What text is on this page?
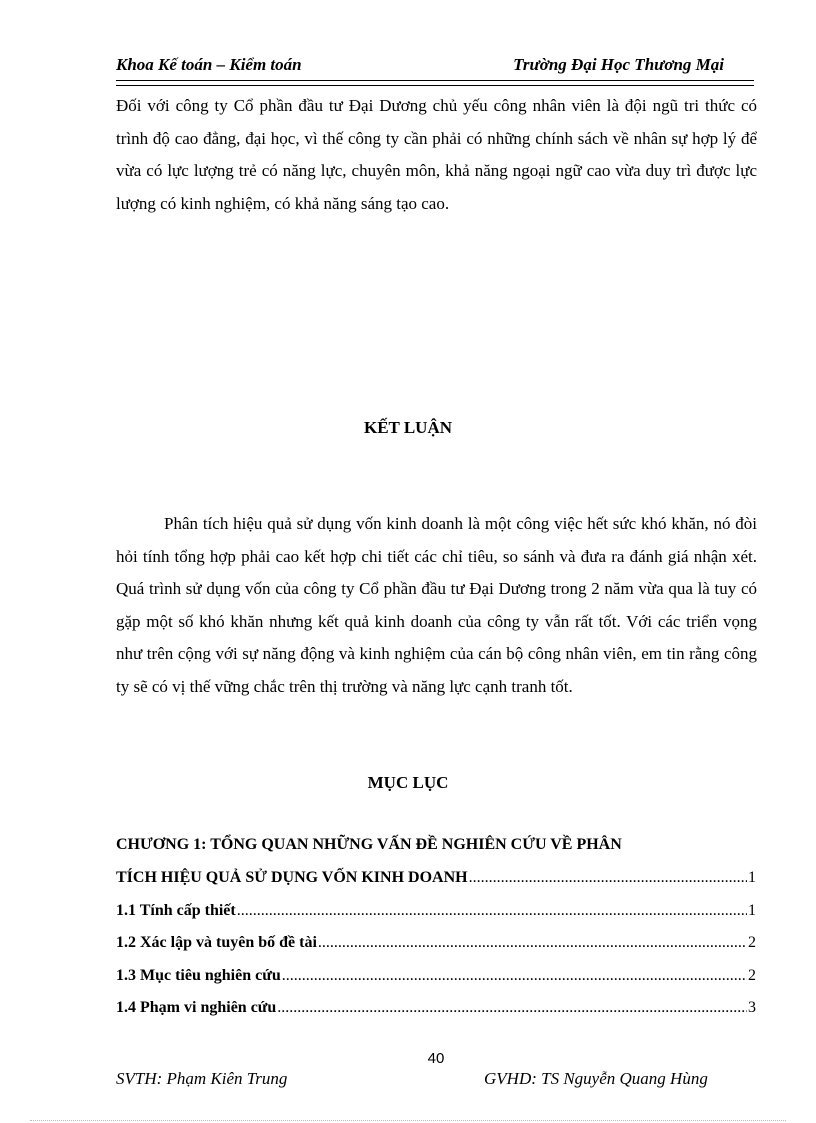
Khoa Kế toán – Kiểm toán	Trường Đại Học Thương Mại
Đối với công ty Cổ phần đầu tư Đại Dương chủ yếu công nhân viên là đội ngũ tri thức có trình độ cao đẳng, đại học, vì thế công ty cần phải có những chính sách về nhân sự hợp lý để vừa có lực lượng trẻ có năng lực, chuyên môn, khả năng ngoại ngữ cao vừa duy trì được lực lượng có kinh nghiệm, có khả năng sáng tạo cao.
KẾT LUẬN
Phân tích hiệu quả sử dụng vốn kinh doanh là một công việc hết sức khó khăn, nó đòi hỏi tính tổng hợp phải cao kết hợp chi tiết các chỉ tiêu, so sánh và đưa ra đánh giá nhận xét. Quá trình sử dụng vốn của công ty Cổ phần đầu tư Đại Dương trong 2 năm vừa qua là tuy có gặp một số khó khăn nhưng kết quả kinh doanh của công ty vẫn rất tốt. Với các triển vọng như trên cộng với sự năng động và kinh nghiệm của cán bộ công nhân viên, em tin rằng công ty sẽ có vị thế vững chắc trên thị trường và năng lực cạnh tranh tốt.
MỤC LỤC
CHƯƠNG 1: TỔNG QUAN NHỮNG VẤN ĐỀ NGHIÊN CỨU VỀ PHÂN
TÍCH HIỆU QUẢ SỬ DỤNG VỐN KINH DOANH .....	1
1.1 Tính cấp thiết .....	1
1.2 Xác lập và tuyên bố đề tài .....	2
1.3 Mục tiêu nghiên cứu .....	2
1.4 Phạm vi nghiên cứu .....	3
40
SVTH: Phạm Kiên Trung	GVHD: TS Nguyễn Quang Hùng
